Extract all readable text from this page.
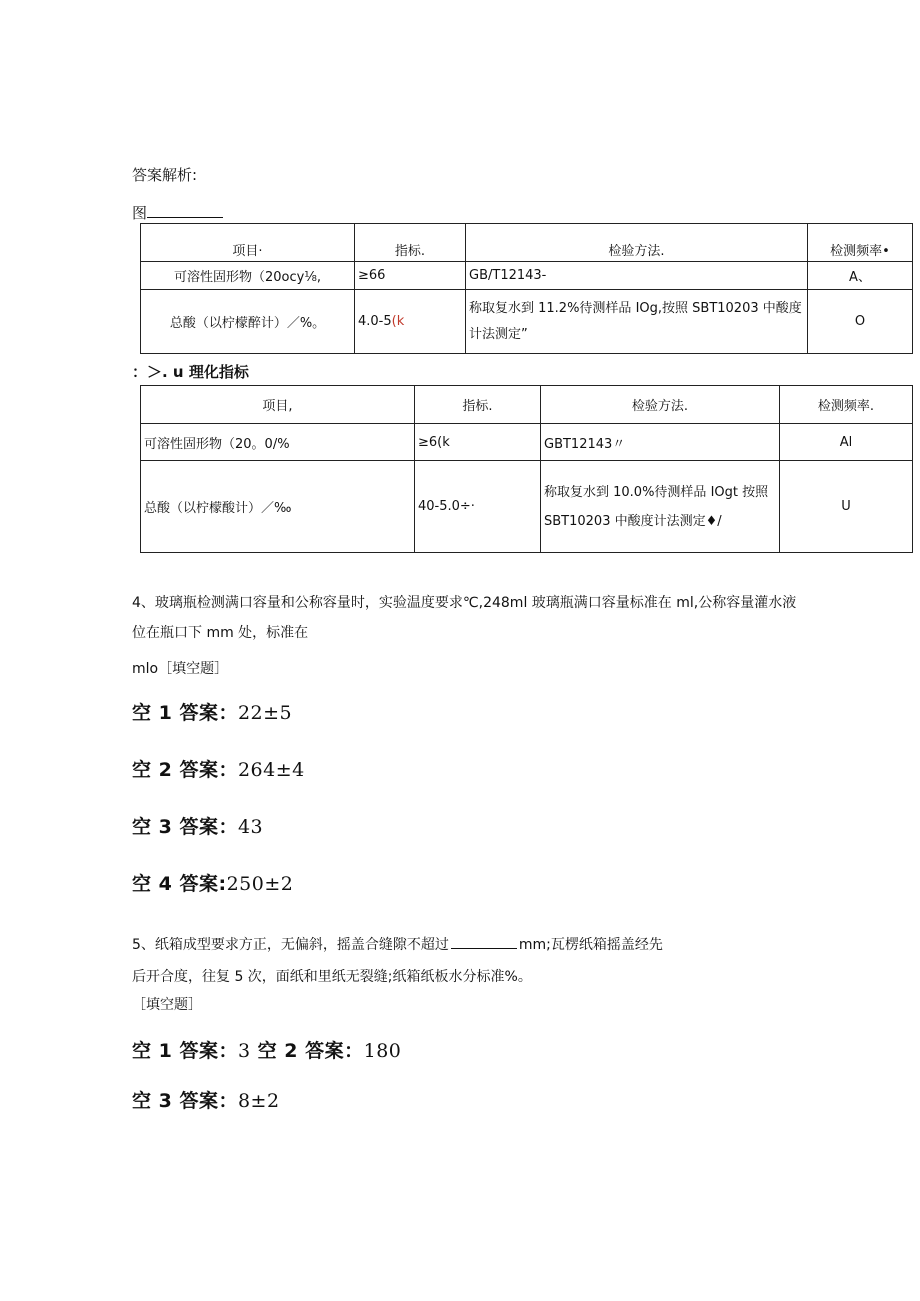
答案解析:
图
项目·	指标.	检验方法.	检测频率•
可溶性固形物（20ocy⅛,	≥66	GB/T12143-	A、
总酸（以柠檬醉计）／%。	4.0-5(k	称取复水到 11.2%待测样品 IOg,按照 SBT10203 中酸度计法测定”	O
：＞. u 理化指标
项目,	指标.	检验方法.	检测频率.
可溶性固形物（20。0/%	≥6(k	GBT12143〃	Al
总酸（以柠檬酸计）／‰	40-5.0÷·	称取复水到 10.0%待测样品 IOgt 按照 SBT10203 中酸度计法测定♦/	U
4、玻璃瓶检测满口容量和公称容量时，实验温度要求℃,248ml 玻璃瓶满口容量标准在 ml,公称容量灌水液
位在瓶口下 mm 处，标准在
mlo［填空题］
空 1 答案：22±5
空 2 答案：264±4
空 3 答案：43
空 4 答案:250±2
5、纸箱成型要求方正，无偏斜，摇盖合缝隙不超过	mm;瓦楞纸箱摇盖经先
后开合度，往复 5 次，面纸和里纸无裂缝;纸箱纸板水分标准%。
［填空题］
空 1 答案：3 空 2 答案：180
空 3 答案：8±2
